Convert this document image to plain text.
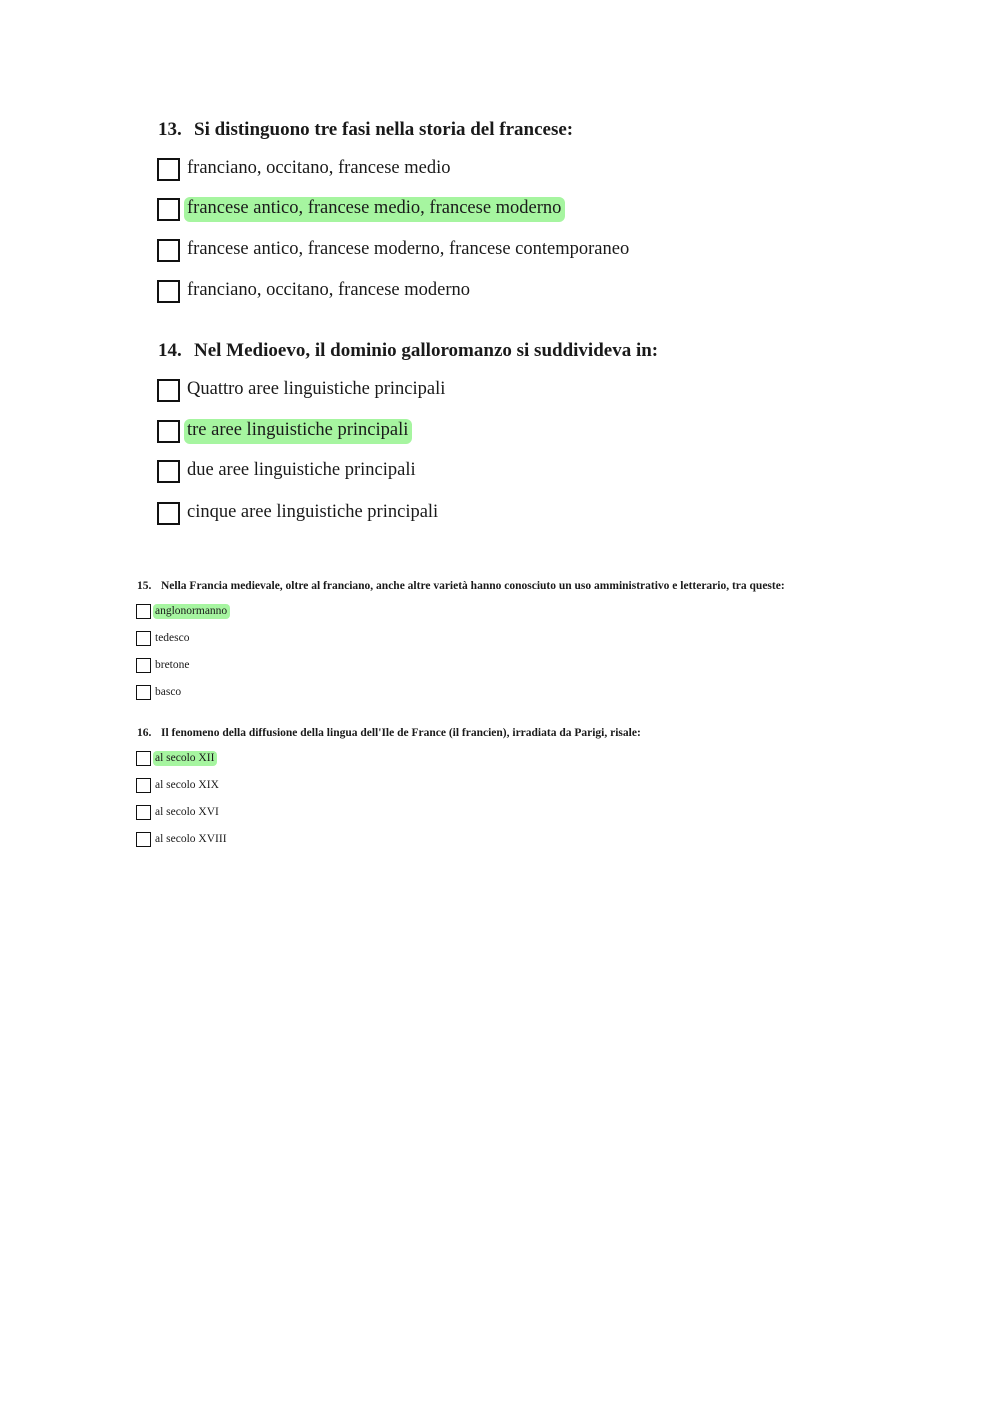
13. Si distinguono tre fasi nella storia del francese:
franciano, occitano, francese medio
francese antico, francese medio, francese moderno
francese antico, francese moderno, francese contemporaneo
franciano, occitano, francese moderno
14. Nel Medioevo, il dominio galloromanzo si suddivideva in:
Quattro aree linguistiche principali
tre aree linguistiche principali
due aree linguistiche principali
cinque aree linguistiche principali
15. Nella Francia medievale, oltre al franciano, anche altre varietà hanno conosciuto un uso amministrativo e letterario, tra queste:
anglonormanno
tedesco
bretone
basco
16. Il fenomeno della diffusione della lingua dell'Ile de France (il francien), irradiata da Parigi, risale:
al secolo XII
al secolo XIX
al secolo XVI
al secolo XVIII
